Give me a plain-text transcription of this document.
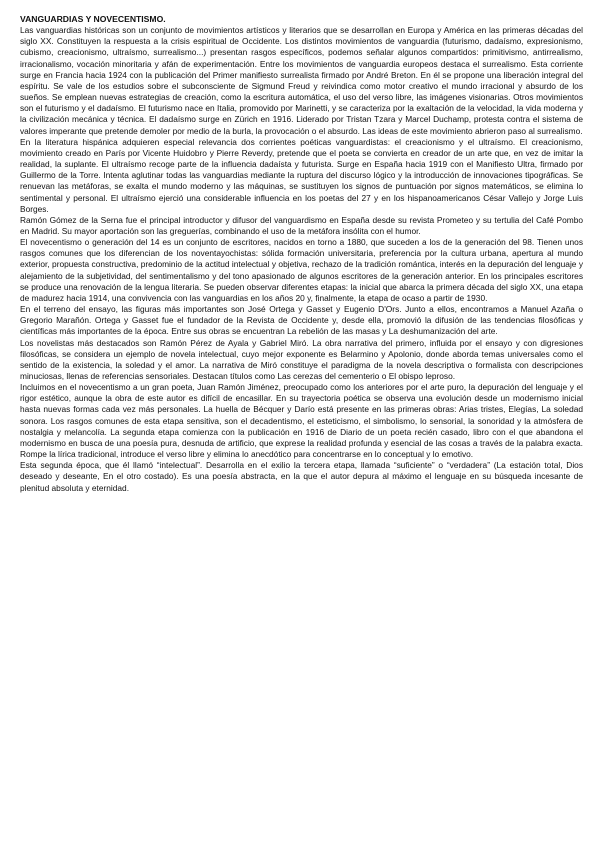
VANGUARDIAS Y NOVECENTISMO.

Las vanguardias históricas son un conjunto de movimientos artísticos y literarios que se desarrollan en Europa y América en las primeras décadas del siglo XX. Constituyen la respuesta a la crisis espiritual de Occidente. Los distintos movimientos de vanguardia (futurismo, dadaísmo, expresionismo, cubismo, creacionismo, ultraísmo, surrealismo...) presentan rasgos específicos, podemos señalar algunos compartidos: primitivismo, antirrealismo, irracionalismo, vocación minoritaria y afán de experimentación. Entre los movimientos de vanguardia europeos destaca el surrealismo. Esta corriente surge en Francia hacia 1924 con la publicación del Primer manifiesto surrealista firmado por André Breton. En él se propone una liberación integral del espíritu. Se vale de los estudios sobre el subconsciente de Sigmund Freud y reivindica como motor creativo el mundo irracional y absurdo de los sueños. Se emplean nuevas estrategias de creación, como la escritura automática, el uso del verso libre, las imágenes visionarias. Otros movimientos son el futurismo y el dadaísmo. El futurismo nace en Italia, promovido por Marinetti, y se caracteriza por la exaltación de la velocidad, la vida moderna y la civilización mecánica y técnica. El dadaísmo surge en Zürich en 1916. Liderado por Tristan Tzara y Marcel Duchamp, protesta contra el sistema de valores imperante que pretende demoler por medio de la burla, la provocación o el absurdo. Las ideas de este movimiento abrieron paso al surrealismo.

En la literatura hispánica adquieren especial relevancia dos corrientes poéticas vanguardistas: el creacionismo y el ultraísmo. El creacionismo, movimiento creado en París por Vicente Huidobro y Pierre Reverdy, pretende que el poeta se convierta en creador de un arte que, en vez de imitar la realidad, la suplante. El ultraísmo recoge parte de la influencia dadaísta y futurista. Surge en España hacia 1919 con el Manifiesto Ultra, firmado por Guillermo de la Torre. Intenta aglutinar todas las vanguardias mediante la ruptura del discurso lógico y la introducción de innovaciones tipográficas. Se renuevan las metáforas, se exalta el mundo moderno y las máquinas, se sustituyen los signos de puntuación por signos matemáticos, se elimina lo sentimental y personal. El ultraísmo ejerció una considerable influencia en los poetas del 27 y en los hispanoamericanos César Vallejo y Jorge Luis Borges.

Ramón Gómez de la Serna fue el principal introductor y difusor del vanguardismo en España desde su revista Prometeo y su tertulia del Café Pombo en Madrid. Su mayor aportación son las greguerías, combinando el uso de la metáfora insólita con el humor.

El novecentismo o generación del 14 es un conjunto de escritores, nacidos en torno a 1880, que suceden a los de la generación del 98. Tienen unos rasgos comunes que los diferencian de los noventayochistas: sólida formación universitaria, preferencia por la cultura urbana, apertura al mundo exterior, propuesta constructiva, predominio de la actitud intelectual y objetiva, rechazo de la tradición romántica, interés en la depuración del lenguaje y alejamiento de la subjetividad, del sentimentalismo y del tono apasionado de algunos escritores de la generación anterior. En los principales escritores se produce una renovación de la lengua literaria. Se pueden observar diferentes etapas: la inicial que abarca la primera década del siglo XX, una etapa de madurez hacia 1914, una convivencia con las vanguardias en los años 20 y, finalmente, la etapa de ocaso a partir de 1930.

En el terreno del ensayo, las figuras más importantes son José Ortega y Gasset y Eugenio D'Ors. Junto a ellos, encontramos a Manuel Azaña o Gregorio Marañón. Ortega y Gasset fue el fundador de la Revista de Occidente y, desde ella, promovió la difusión de las tendencias filosóficas y científicas más importantes de la época. Entre sus obras se encuentran La rebelión de las masas y La deshumanización del arte.

Los novelistas más destacados son Ramón Pérez de Ayala y Gabriel Miró. La obra narrativa del primero, influida por el ensayo y con digresiones filosóficas, se considera un ejemplo de novela intelectual, cuyo mejor exponente es Belarmino y Apolonio, donde aborda temas universales como el sentido de la existencia, la soledad y el amor. La narrativa de Miró constituye el paradigma de la novela descriptiva o formalista con descripciones minuciosas, llenas de referencias sensoriales. Destacan títulos como Las cerezas del cementerio o El obispo leproso.

Incluimos en el novecentismo a un gran poeta, Juan Ramón Jiménez, preocupado como los anteriores por el arte puro, la depuración del lenguaje y el rigor estético, aunque la obra de este autor es difícil de encasillar. En su trayectoria poética se observa una evolución desde un modernismo inicial hasta nuevas formas cada vez más personales. La huella de Bécquer y Darío está presente en las primeras obras: Arias tristes, Elegías, La soledad sonora. Los rasgos comunes de esta etapa sensitiva, son el decadentismo, el esteticismo, el simbolismo, lo sensorial, la sonoridad y la atmósfera de nostalgia y melancolía. La segunda etapa comienza con la publicación en 1916 de Diario de un poeta recién casado, libro con el que abandona el modernismo en busca de una poesía pura, desnuda de artificio, que exprese la realidad profunda y esencial de las cosas a través de la palabra exacta. Rompe la lírica tradicional, introduce el verso libre y elimina lo anecdótico para concentrarse en lo conceptual y lo emotivo.

Esta segunda época, que él llamó “intelectual”. Desarrolla en el exilio la tercera etapa, llamada “suficiente” o “verdadera” (La estación total, Dios deseado y deseante, En el otro costado). Es una poesía abstracta, en la que el autor depura al máximo el lenguaje en su búsqueda incesante de plenitud absoluta y eternidad.
